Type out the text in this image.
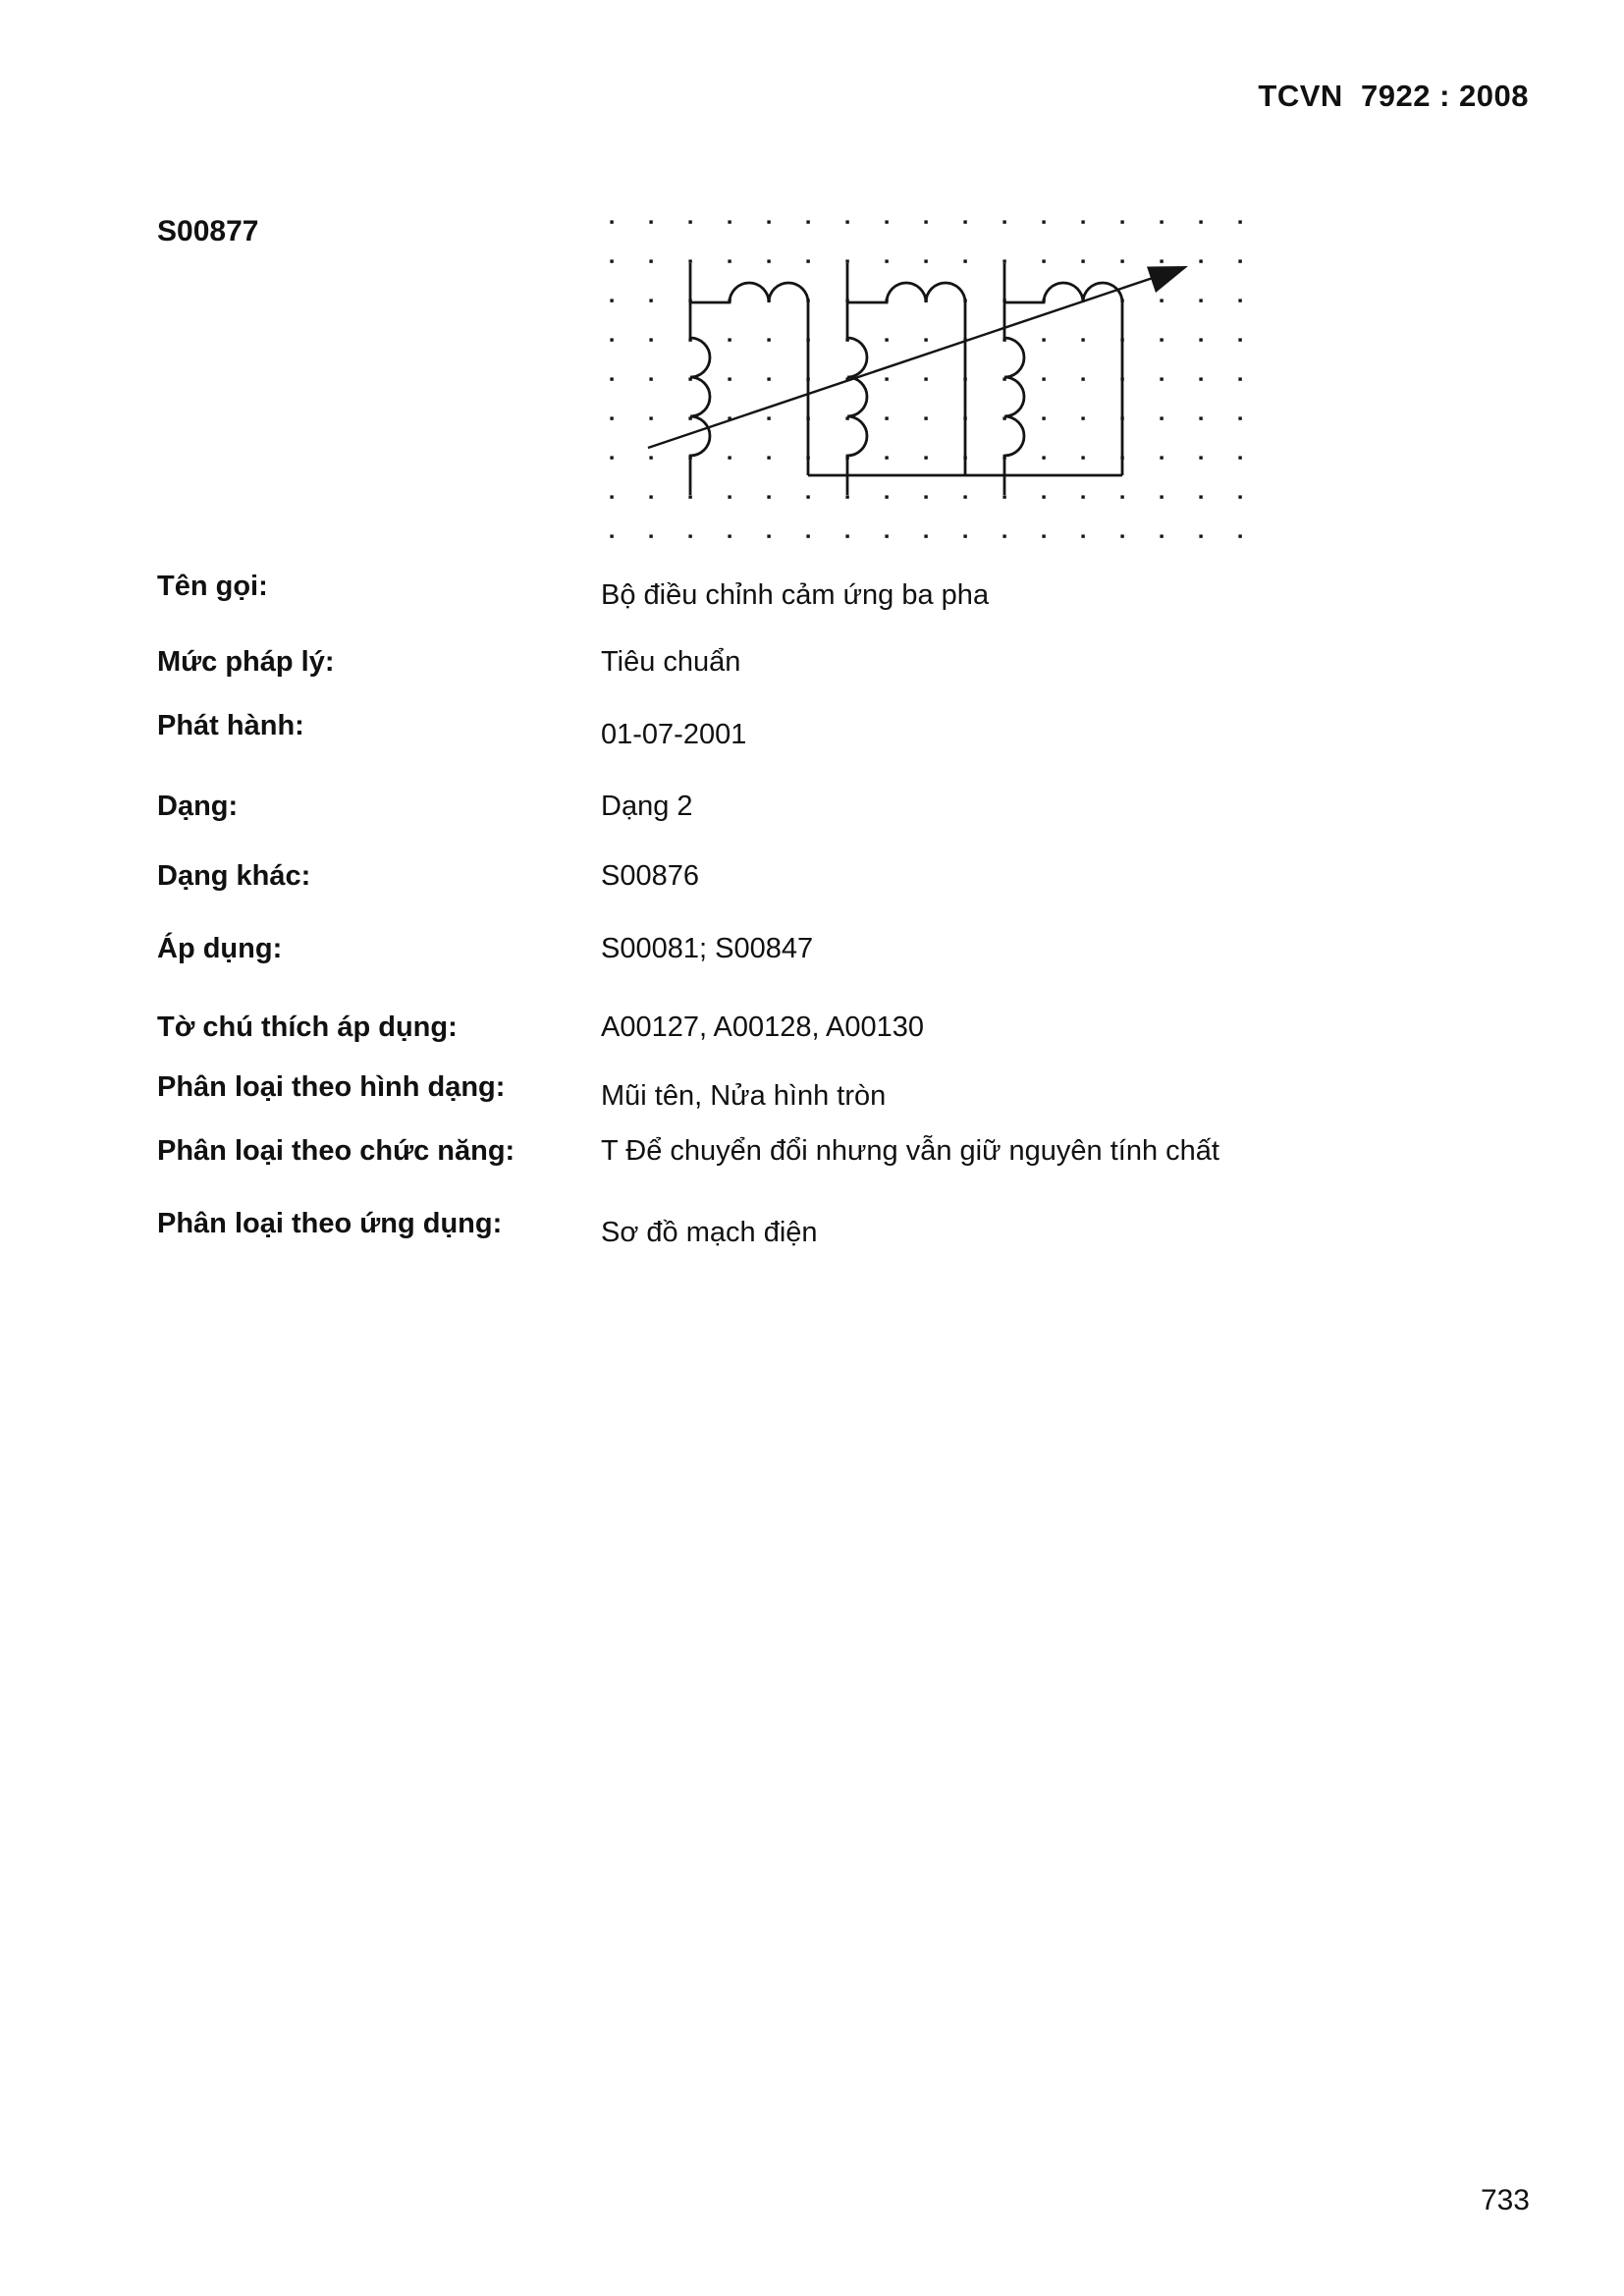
TCVN  7922 : 2008
S00877
Tên gọi:	Bộ điều chỉnh cảm ứng ba pha
Mức pháp lý:	Tiêu chuẩn
Phát hành:	01-07-2001
Dạng:	Dạng 2
Dạng khác:	S00876
Áp dụng:	S00081; S00847
Tờ chú thích áp dụng:	A00127, A00128, A00130
Phân loại theo hình dạng:	Mũi tên, Nửa hình tròn
Phân loại theo chức năng:	T Để chuyển đổi nhưng vẫn giữ nguyên tính chất
Phân loại theo ứng dụng:	Sơ đồ mạch điện
733
